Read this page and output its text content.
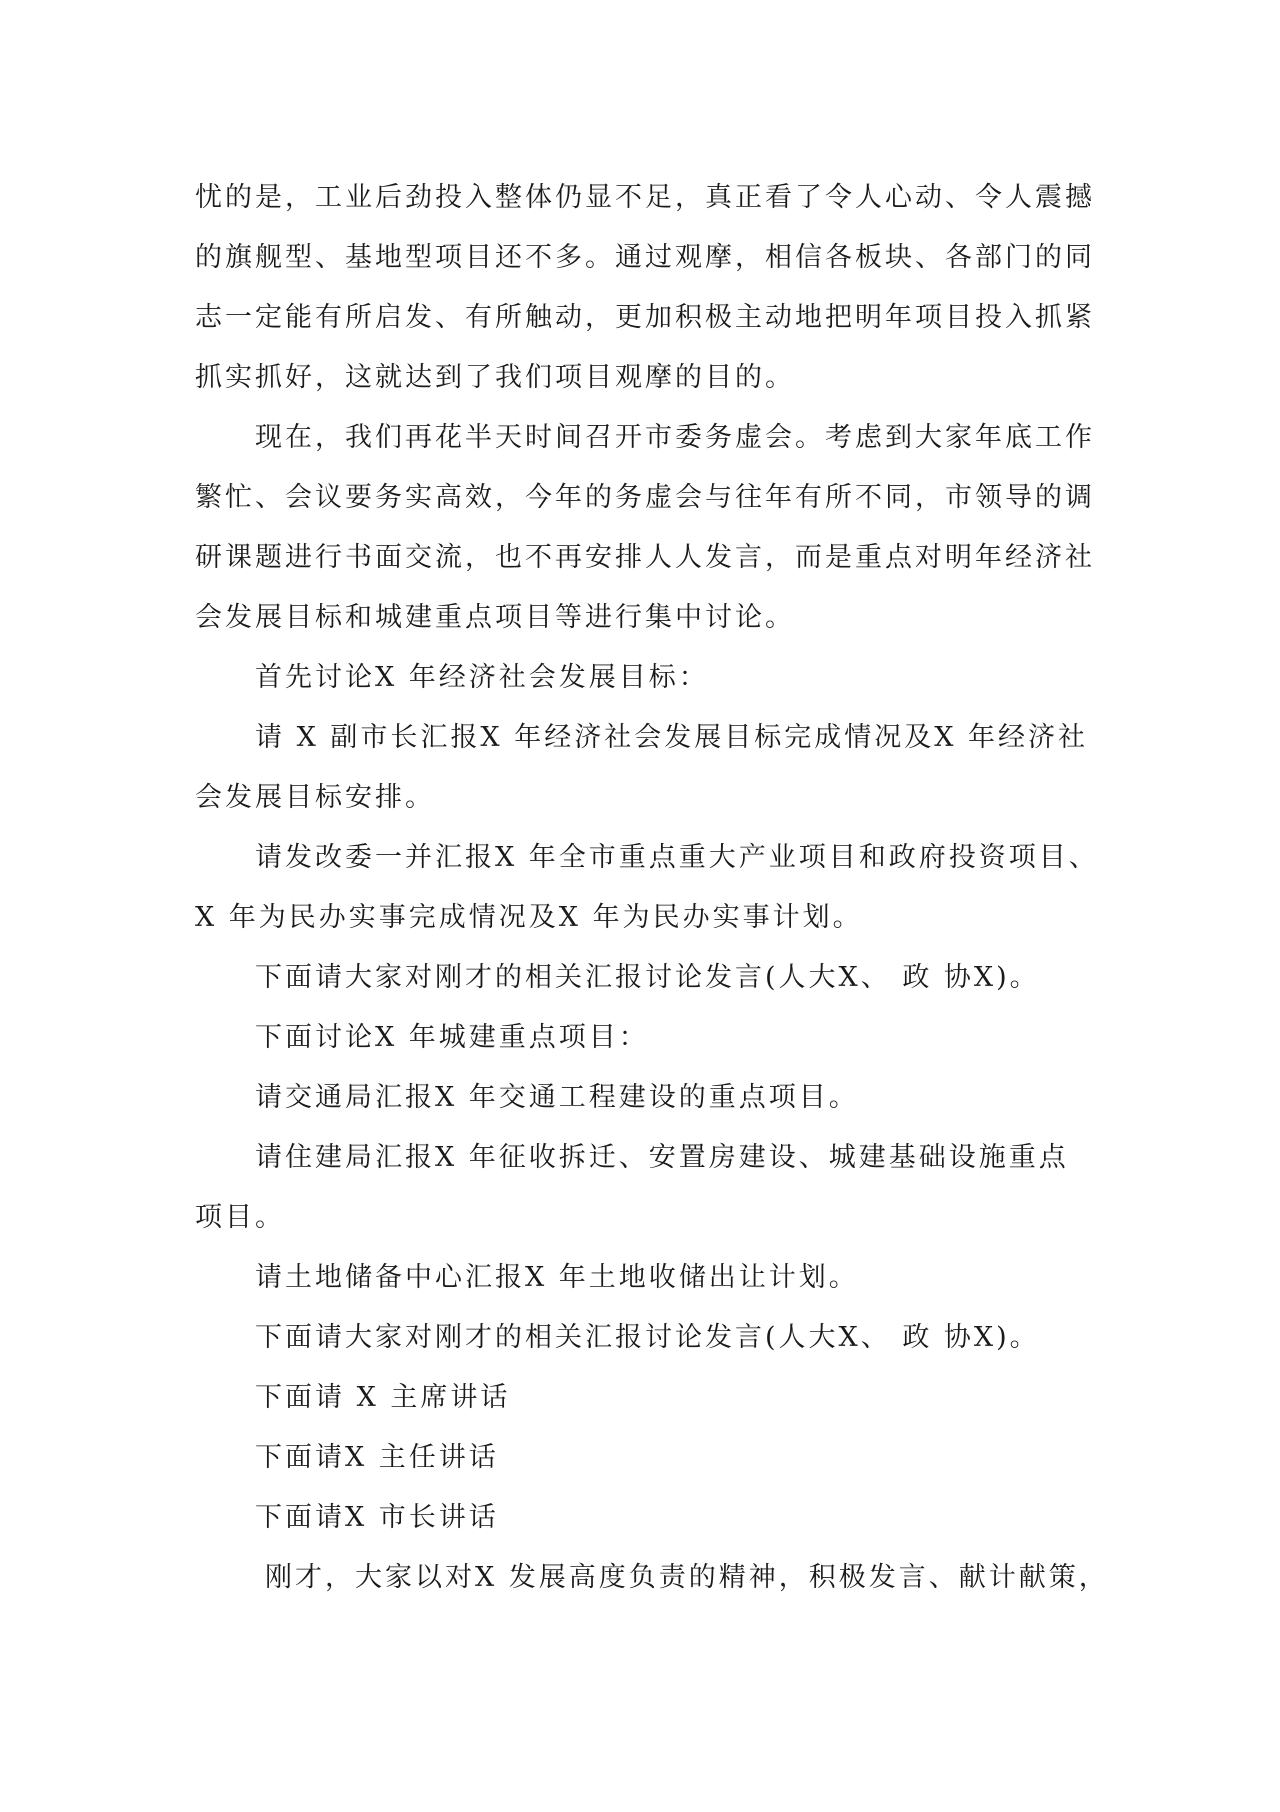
忧的是，工业后劲投入整体仍显不足，真正看了令人心动、令人震撼
的旗舰型、基地型项目还不多。通过观摩，相信各板块、各部门的同
志一定能有所启发、有所触动，更加积极主动地把明年项目投入抓紧
抓实抓好，这就达到了我们项目观摩的目的。
现在，我们再花半天时间召开市委务虚会。考虑到大家年底工作
繁忙、会议要务实高效，今年的务虚会与往年有所不同，市领导的调
研课题进行书面交流，也不再安排人人发言，而是重点对明年经济社
会发展目标和城建重点项目等进行集中讨论。
首先讨论X 年经济社会发展目标：
请 X 副市长汇报X 年经济社会发展目标完成情况及X 年经济社
会发展目标安排。
请发改委一并汇报X 年全市重点重大产业项目和政府投资项目、
X 年为民办实事完成情况及X 年为民办实事计划。
下面请大家对刚才的相关汇报讨论发言(人大X、 政 协X)。
下面讨论X 年城建重点项目：
请交通局汇报X 年交通工程建设的重点项目。
请住建局汇报X 年征收拆迁、安置房建设、城建基础设施重点
项目。
请土地储备中心汇报X 年土地收储出让计划。
下面请大家对刚才的相关汇报讨论发言(人大X、 政 协X)。
下面请 X 主席讲话
下面请X 主任讲话
下面请X 市长讲话
刚才，大家以对X 发展高度负责的精神，积极发言、献计献策，
